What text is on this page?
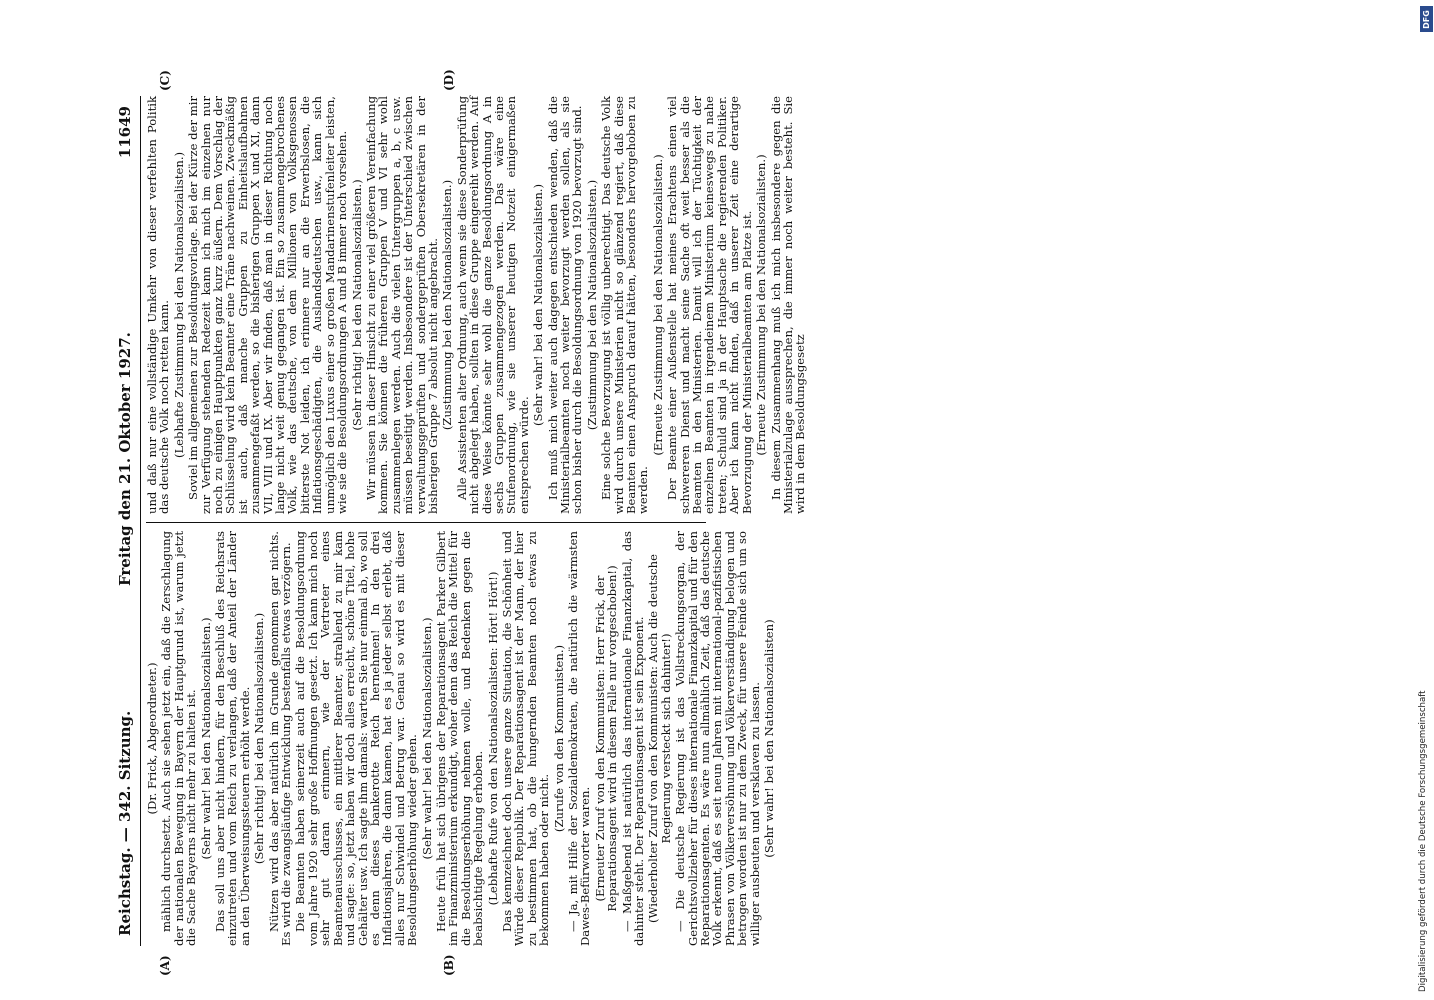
Reichstag. — 342. Sitzung.
Freitag den 21. Oktober 1927.
11649

(Dr. Frick, Abgeordneter.) mählich durchsetzt. Auch sie sehen jetzt ein, daß die Zerschlagung der nationalen Bewegung in Bayern der Hauptgrund ist, warum jetzt die Sache Bayerns nicht mehr zu halten ist. (Sehr wahr! bei den Nationalsozialisten.) Das soll uns aber nicht hindern, für den Beschluß des Reichsrats einzutreten und vom Reich zu verlangen, daß der Anteil der Länder an den Überweisungssteuern erhöht werde. (Sehr richtig! bei den Nationalsozialisten.) Nützen wird das aber natürlich im Grunde genommen gar nichts. Es wird die zwangsläufige Entwicklung bestenfalls etwas verzögern. Die Beamten haben seinerzeit auch auf die Besoldungsordnung vom Jahre 1920 sehr große Hoffnungen gesetzt. Ich kann mich noch sehr gut daran erinnern, wie der Vertreter eines Beamtenausschusses, ein mittlerer Beamter, strahlend zu mir kam und sagte: so, jetzt haben wir doch alles erreicht, schöne Titel, hohe Gehälter usw. Ich sagte ihm damals: warten Sie nur einmal ab, wo soll es denn dieses bankerotte Reich hernehmen! In den drei Inflationsjahren, die dann kamen, hat es ja jeder selbst erlebt, daß alles nur Schwindel und Betrug war. Genau so wird es mit dieser Besoldungserhöhung wieder gehen. (Sehr wahr! bei den Nationalsozialisten.) Heute früh hat sich übrigens der Reparationsagent Parker Gilbert im Finanzministerium erkundigt, woher denn das Reich die Mittel für die Besoldungserhöhung nehmen wolle, und Bedenken gegen die beabsichtigte Regelung erhoben. (Lebhafte Rufe von den Nationalsozialisten: Hört! Hört!) Das kennzeichnet doch unsere ganze Situation, die Schönheit und Würde dieser Republik. Der Reparationsagent ist der Mann, der hier zu bestimmen hat, ob die hungernden Beamten noch etwas zu bekommen haben oder nicht.

(Zurufe von den Kommunisten.) — Ja, mit Hilfe der Sozialdemokraten, die natürlich die wärmsten Dawes-Befürworter waren. (Erneuter Zuruf von den Kommunisten: Herr Frick, der Reparationsagent wird in diesem Falle nur vorgeschoben!) — Maßgebend ist natürlich das internationale Finanzkapital, das dahinter steht. Der Reparationsagent ist sein Exponent. (Wiederholter Zuruf von den Kommunisten: Auch die deutsche Regierung versteckt sich dahinter!) — Die deutsche Regierung ist das Vollstreckungsorgan, der Gerichtsvollzieher für dieses internationale Finanzkapital und für den Reparationsagenten. Es wäre nun allmählich Zeit, daß das deutsche Volk erkennt, daß es seit neun Jahren mit international-pazifistischen Phrasen von Völkerversöhnung und Völkerverständigung belogen und betrogen worden ist nur zu dem Zweck, für unsere Feinde sich um so williger ausbeuten und versklaven zu lassen. (Sehr wahr! bei den Nationalsozialisten)

und daß nur eine vollständige Umkehr von dieser verfehlten Politik das deutsche Volk noch retten kann. (Lebhafte Zustimmung bei den Nationalsozialisten.) Soviel im allgemeinen zur Besoldungsvorlage. Bei der Kürze der mir zur Verfügung stehenden Redezeit kann ich mich im einzelnen nur noch zu einigen Hauptpunkten ganz kurz äußern. Dem Vorschlag der Schlüsselung wird kein Beamter eine Träne nachweinen. Zweckmäßig ist auch, daß manche Gruppen zu Einheitslaufbahnen zusammengefaßt werden, so die bisherigen Gruppen X und XI, dann VII, VIII und IX. Aber wir finden, daß man in dieser Richtung noch lange nicht weit genug gegangen ist. Ein so zusammengebrochenes Volk, wie das deutsche, von dem Millionen von Volksgenossen bitterste Not leiden, ich erinnere nur an die Erwerbslosen, die Inflationsgeschädigten, die Auslandsdeutschen usw., kann sich unmöglich den Luxus einer so großen Mandarinenstufenleiter leisten, wie sie die Besoldungsordnungen A und B immer noch vorsehen. (Sehr richtig! bei den Nationalsozialisten.) Wir müssen in dieser Hinsicht zu einer viel größeren Vereinfachung kommen. Sie können die früheren Gruppen V und VI sehr wohl zusammenlegen werden. Auch die vielen Untergruppen a, b, c usw. müssen beseitigt werden. Insbesondere ist der Unterschied zwischen verwaltungsgeprüften und sondergeprüften Obersekretären in der bisherigen Gruppe 7 absolut nicht angebracht. (Zustimmung bei den Nationalsozialisten.) Alle Assistenten alter Ordnung, auch wenn sie diese Sonderprüfung nicht abgelegt haben, sollten in diese Gruppe eingereiht werden. Auf diese Weise könnte sehr wohl die ganze Besoldungsordnung A in sechs Gruppen zusammengezogen werden. Das wäre eine Stufenordnung, wie sie unserer heutigen Notzeit einigermaßen entsprechen würde.

(Sehr wahr! bei den Nationalsozialisten.) Ich muß mich weiter auch dagegen entschieden wenden, daß die Ministerialbeamten noch weiter bevorzugt werden sollen, als sie schon bisher durch die Besoldungsordnung von 1920 bevorzugt sind. (Zustimmung bei den Nationalsozialisten.) Eine solche Bevorzugung ist völlig unberechtigt. Das deutsche Volk wird durch unsere Ministerien nicht so glänzend regiert, daß diese Beamten einen Anspruch darauf hätten, besonders hervorgehoben zu werden.

(Erneute Zustimmung bei den Nationalsozialisten.) Der Beamte einer Außenstelle hat meines Erachtens einen viel schwereren Dienst und macht seine Sache oft weit besser als die Beamten in den Ministerien. Damit will ich der Tüchtigkeit der einzelnen Beamten in irgendeinem Ministerium keineswegs zu nahe treten; Schuld sind ja in der Hauptsache die regierenden Politiker. Aber ich kann nicht finden, daß in unserer Zeit eine derartige Bevorzugung der Ministerialbeamten am Platze ist. (Erneute Zustimmung bei den Nationalsozialisten.) In diesem Zusammenhang muß ich mich insbesondere gegen die Ministerialzulage aussprechen, die immer noch weiter besteht. Sie wird in dem Besoldungsgesetz

(A)	(B)
(C)	(D)
Digitalisierung gefördert durch die Deutsche Forschungsgemeinschaft
DFG
